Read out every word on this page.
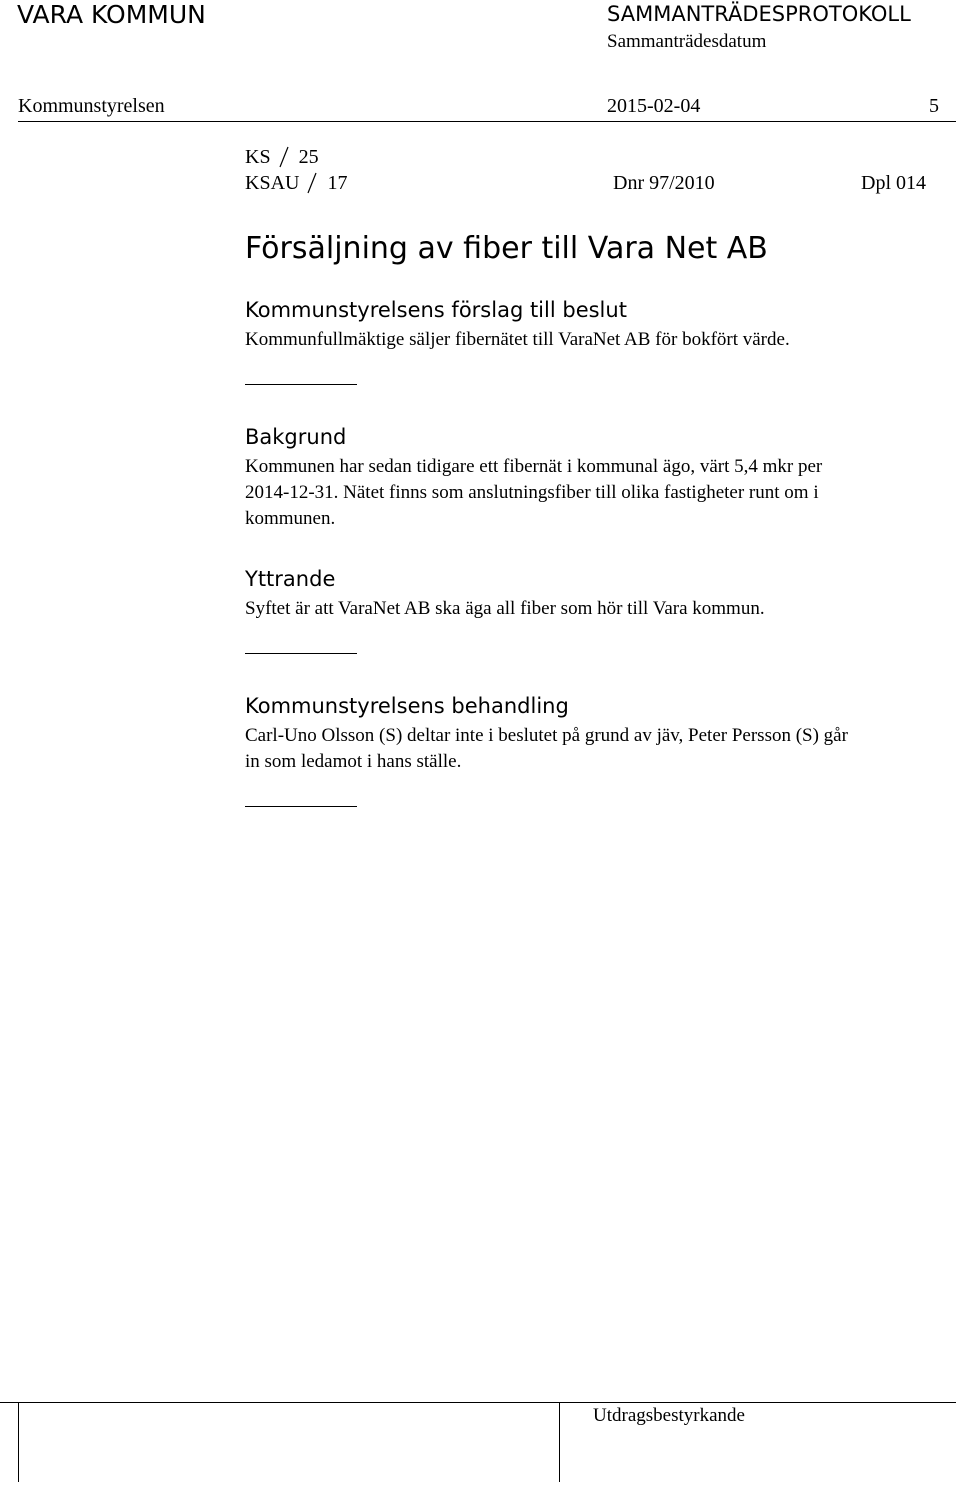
VARA KOMMUN	SAMMANTRÄDESPROTOKOLL
Sammanträdesdatum
Kommunstyrelsen	2015-02-04	5
KS 25
KSAU 17	Dnr 97/2010	Dpl 014
Försäljning av fiber till Vara Net AB
Kommunstyrelsens förslag till beslut
Kommunfullmäktige säljer fibernätet till VaraNet AB för bokfört värde.
Bakgrund
Kommunen har sedan tidigare ett fibernät i kommunal ägo, värt 5,4 mkr per
2014-12-31. Nätet finns som anslutningsfiber till olika fastigheter runt om i
kommunen.
Yttrande
Syftet är att VaraNet AB ska äga all fiber som hör till Vara kommun.
Kommunstyrelsens behandling
Carl-Uno Olsson (S) deltar inte i beslutet på grund av jäv, Peter Persson (S) går
in som ledamot i hans ställe.
Utdragsbestyrkande
